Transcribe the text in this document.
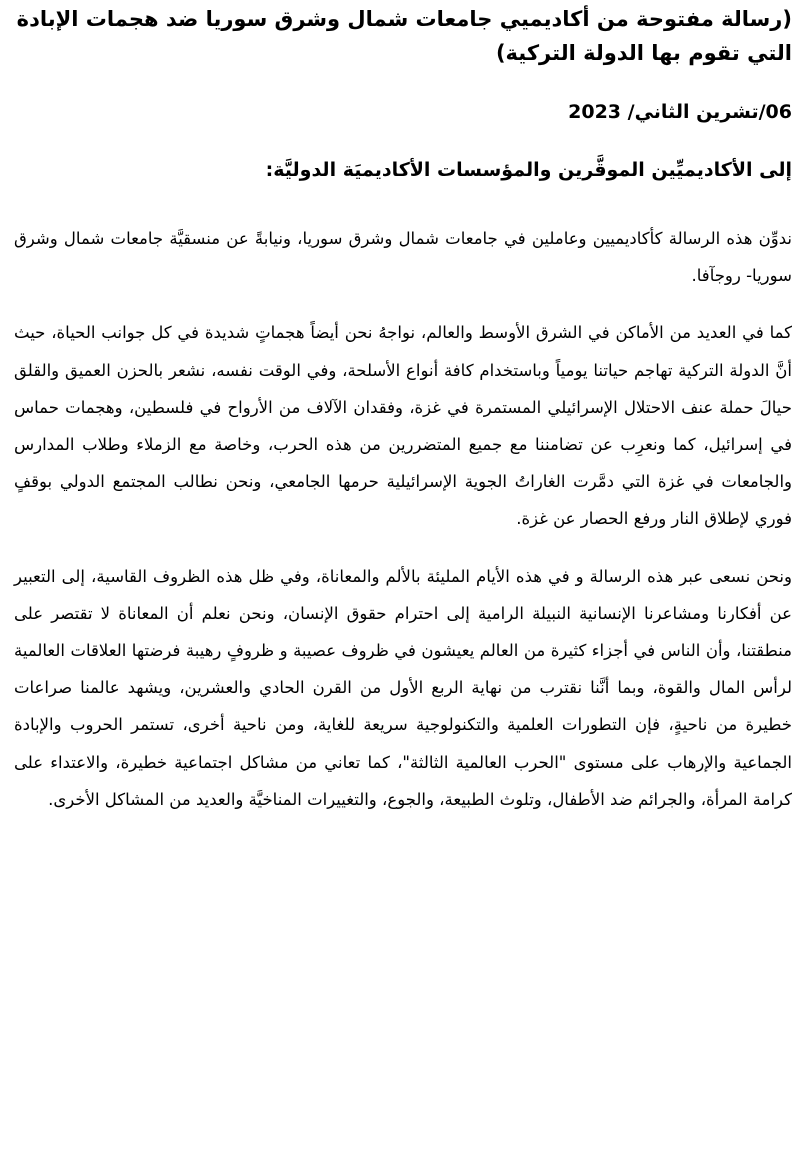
(رسالة مفتوحة من أكاديميي جامعات شمال وشرق سوريا ضد هجمات الإبادة التي تقوم بها الدولة التركية)
06/تشرين الثاني/ 2023
إلى الأكاديميِّين الموقَّرين والمؤسسات الأكاديميَة الدوليَّة:

ندوِّن هذه الرسالة كأكاديميين وعاملين في جامعات شمال وشرق سوريا، ونيابةً عن منسقيَّة جامعات شمال وشرق سوريا- روجآفا.

كما في العديد من الأماكن في الشرق الأوسط والعالم، نواجهُ نحن أيضاً هجماتٍ شديدة في كل جوانب الحياة، حيث أنَّ الدولة التركية تهاجم حياتنا يومياً وباستخدام كافة أنواع الأسلحة، وفي الوقت نفسه، نشعر بالحزن العميق والقلق حيالَ حملة عنف الاحتلال الإسرائيلي المستمرة في غزة، وفقدان الآلاف من الأرواح في فلسطين، وهجمات حماس في إسرائيل، كما ونعرِب عن تضامننا مع جميع المتضررين من هذه الحرب، وخاصة مع الزملاء وطلاب المدارس والجامعات في غزة التي دمَّرت الغاراتُ الجوية الإسرائيلية حرمها الجامعي، ونحن نطالب المجتمع الدولي بوقفٍ فوري لإطلاق النار ورفع الحصار عن غزة.

ونحن نسعى عبر هذه الرسالة و في هذه الأيام المليئة بالألم والمعاناة، وفي ظل هذه الظروف القاسية، إلى التعبير عن أفكارنا ومشاعرنا الإنسانية النبيلة الرامية إلى احترام حقوق الإنسان، ونحن نعلم أن المعاناة لا تقتصر على منطقتنا، وأن الناس في أجزاء كثيرة من العالم يعيشون في ظروف عصيبة و ظروفٍ رهيبة فرضتها العلاقات العالمية لرأس المال والقوة، وبما أنَّنا نقترب من نهاية الربع الأول من القرن الحادي والعشرين، ويشهد عالمنا صراعات خطيرة من ناحيةٍ، فإن التطورات العلمية والتكنولوجية سريعة للغاية، ومن ناحية أخرى، تستمر الحروب والإبادة الجماعية والإرهاب على مستوى "الحرب العالمية الثالثة"، كما تعاني من مشاكل اجتماعية خطيرة، والاعتداء على كرامة المرأة، والجرائم ضد الأطفال، وتلوث الطبيعة، والجوع، والتغييرات المناخيَّة والعديد من المشاكل الأخرى.
